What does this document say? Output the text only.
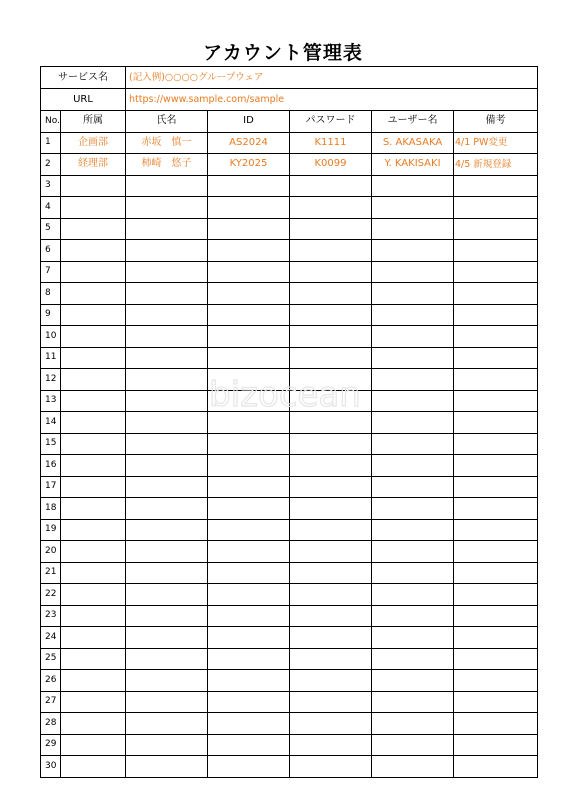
アカウント管理表
サービス名		(記入例)○○○○グループウェア				
URL		https://www.sample.com/sample				
No.	所属	氏名	ID	パスワード	ユーザー名	備考
1	企画部	赤坂　慎一	AS2024	K1111	S. AKASAKA	4/1 PW変更
2	経理部	柿崎　悠子	KY2025	K0099	Y. KAKISAKI	4/5 新規登録
3						
4						
5						
6						
7						
8						
9						
10						
11						
12						
13						
14						
15						
16						
17						
18						
19						
20						
21						
22						
23						
24						
25						
26						
27						
28						
29						
30						
bizocean
